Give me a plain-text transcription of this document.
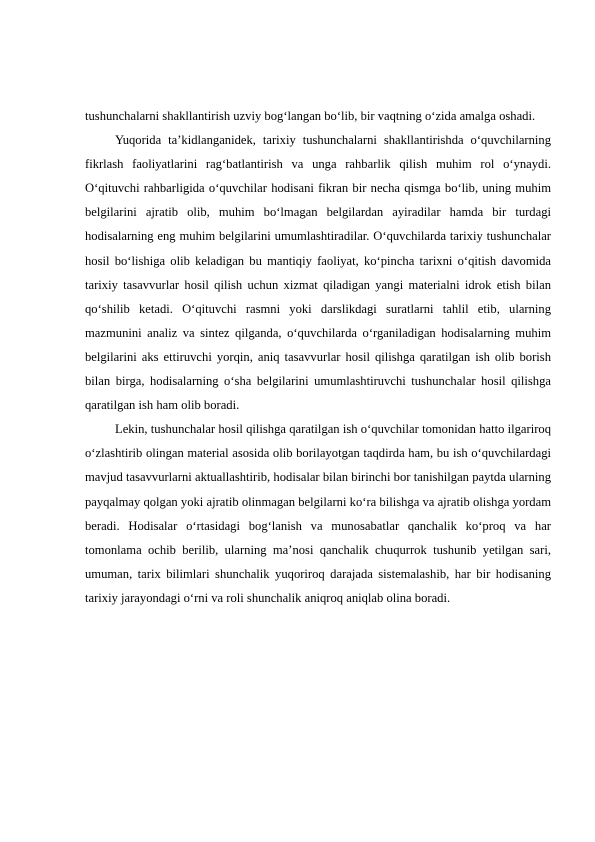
tushunchalarni shakllantirish uzviy bog‘langan bo‘lib, bir vaqtning o‘zida amalga oshadi.

Yuqorida ta’kidlanganidek, tarixiy tushunchalarni shakllantirishda o‘quvchilarning fikrlash faoliyatlarini rag‘batlantirish va unga rahbarlik qilish muhim rol o‘ynaydi. O‘qituvchi rahbarligida o‘quvchilar hodisani fikran bir necha qismga bo‘lib, uning muhim belgilarini ajratib olib, muhim bo‘lmagan belgilardan ayiradilar hamda bir turdagi hodisalarning eng muhim belgilarini umumlashtiradilar. O‘quvchilarda tarixiy tushunchalar hosil bo‘lishiga olib keladigan bu mantiqiy faoliyat, ko‘pincha tarixni o‘qitish davomida tarixiy tasavvurlar hosil qilish uchun xizmat qiladigan yangi materialni idrok etish bilan qo‘shilib ketadi. O‘qituvchi rasmni yoki darslikdagi suratlarni tahlil etib, ularning mazmunini analiz va sintez qilganda, o‘quvchilarda o‘rganiladigan hodisalarning muhim belgilarini aks ettiruvchi yorqin, aniq tasavvurlar hosil qilishga qaratilgan ish olib borish bilan birga, hodisalarning o‘sha belgilarini umumlashtiruvchi tushunchalar hosil qilishga qaratilgan ish ham olib boradi.

Lekin, tushunchalar hosil qilishga qaratilgan ish o‘quvchilar tomonidan hatto ilgariroq o‘zlashtirib olingan material asosida olib borilayotgan taqdirda ham, bu ish o‘quvchilardagi mavjud tasavvurlarni aktuallashtirib, hodisalar bilan birinchi bor tanishilgan paytda ularning payqalmay qolgan yoki ajratib olinmagan belgilarni ko‘ra bilishga va ajratib olishga yordam beradi. Hodisalar o‘rtasidagi bog‘lanish va munosabatlar qanchalik ko‘proq va har tomonlama ochib berilib, ularning ma’nosi qanchalik chuqurrok tushunib yetilgan sari, umuman, tarix bilimlari shunchalik yuqoriroq darajada sistemalashib, har bir hodisaning tarixiy jarayondagi o‘rni va roli shunchalik aniqroq aniqlab olina boradi.
